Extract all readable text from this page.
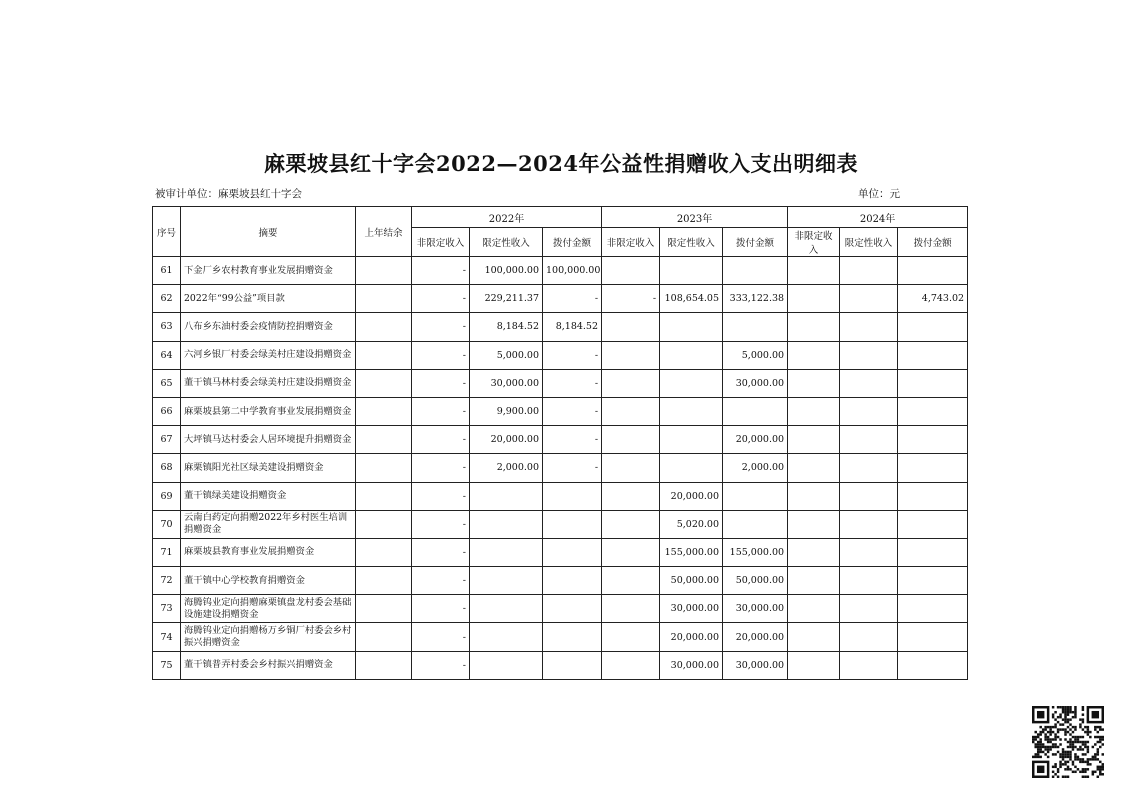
麻栗坡县红十字会2022—2024年公益性捐赠收入支出明细表
被审计单位：麻栗坡县红十字会	单位：元
序号	摘要	上年结余	2022年			2023年			2024年		
			非限定收入	限定性收入	拨付金额	非限定收入	限定性收入	拨付金额	非限定收入	限定性收入	拨付金额
61	下金厂乡农村教育事业发展捐赠资金		-	100,000.00	100,000.00						
62	2022年“99公益”项目款		-	229,211.37	-	-	108,654.05	333,122.38			4,743.02
63	八布乡东油村委会疫情防控捐赠资金		-	8,184.52	8,184.52						
64	六河乡银厂村委会绿美村庄建设捐赠资金		-	5,000.00	-			5,000.00			
65	董干镇马林村委会绿美村庄建设捐赠资金		-	30,000.00	-			30,000.00			
66	麻栗坡县第二中学教育事业发展捐赠资金		-	9,900.00	-						
67	大坪镇马达村委会人居环境提升捐赠资金		-	20,000.00	-			20,000.00			
68	麻栗镇阳光社区绿美建设捐赠资金		-	2,000.00	-			2,000.00			
69	董干镇绿美建设捐赠资金		-				20,000.00				
70	云南白药定向捐赠2022年乡村医生培训捐赠资金		-				5,020.00				
71	麻栗坡县教育事业发展捐赠资金		-				155,000.00	155,000.00			
72	董干镇中心学校教育捐赠资金		-				50,000.00	50,000.00			
73	海腾钨业定向捐赠麻栗镇盘龙村委会基础设施建设捐赠资金		-				30,000.00	30,000.00			
74	海腾钨业定向捐赠杨万乡铜厂村委会乡村振兴捐赠资金		-				20,000.00	20,000.00			
75	董干镇普弄村委会乡村振兴捐赠资金		-				30,000.00	30,000.00			
